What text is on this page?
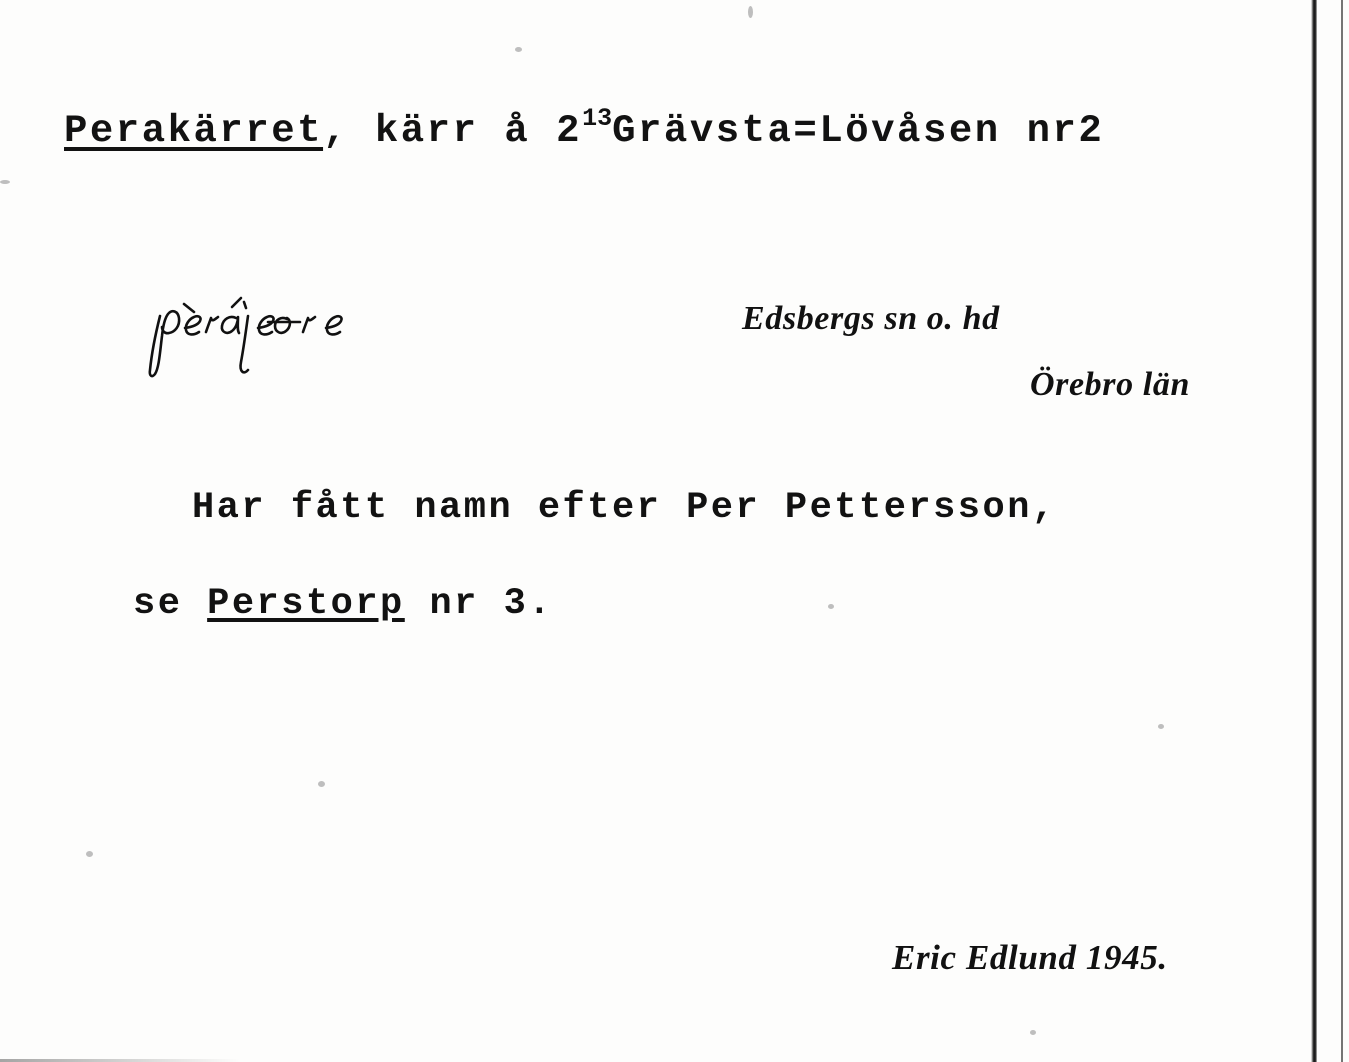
Perakärret, kärr å $2^{13}Grävsta=Lövåsen$ nr2
Edsbergs sn o. hd
Örebro län
Har fått namn efter Per Pettersson,
se Perstorp nr 3.
Eric Edlund 1945.
